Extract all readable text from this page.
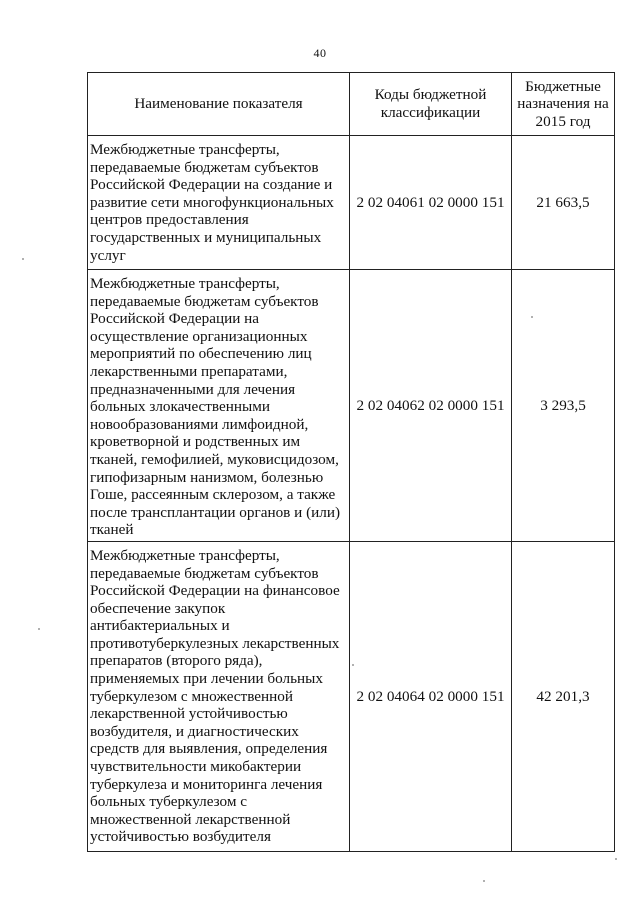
40
Наименование показателя	Коды бюджетной классификации	Бюджетные назначения на 2015 год
Межбюджетные трансферты, передаваемые бюджетам субъектов Российской Федерации на создание и развитие сети многофункциональных центров предоставления государственных и муниципальных услуг	2 02 04061 02 0000 151	21 663,5
Межбюджетные трансферты, передаваемые бюджетам субъектов Российской Федерации на осуществление организационных мероприятий по обеспечению лиц лекарственными препаратами, предназначенными для лечения больных злокачественными новообразованиями лимфоидной, кроветворной и родственных им тканей, гемофилией, муковисцидозом, гипофизарным нанизмом, болезнью Гоше, рассеянным склерозом, а также после трансплантации органов и (или) тканей	2 02 04062 02 0000 151	3 293,5
Межбюджетные трансферты, передаваемые бюджетам субъектов Российской Федерации на финансовое обеспечение закупок антибактериальных и противотуберкулезных лекарственных препаратов (второго ряда), применяемых при лечении больных туберкулезом с множественной лекарственной устойчивостью возбудителя, и диагностических средств для выявления, определения чувствительности микобактерии туберкулеза и мониторинга лечения больных туберкулезом с множественной лекарственной устойчивостью возбудителя	2 02 04064 02 0000 151	42 201,3
